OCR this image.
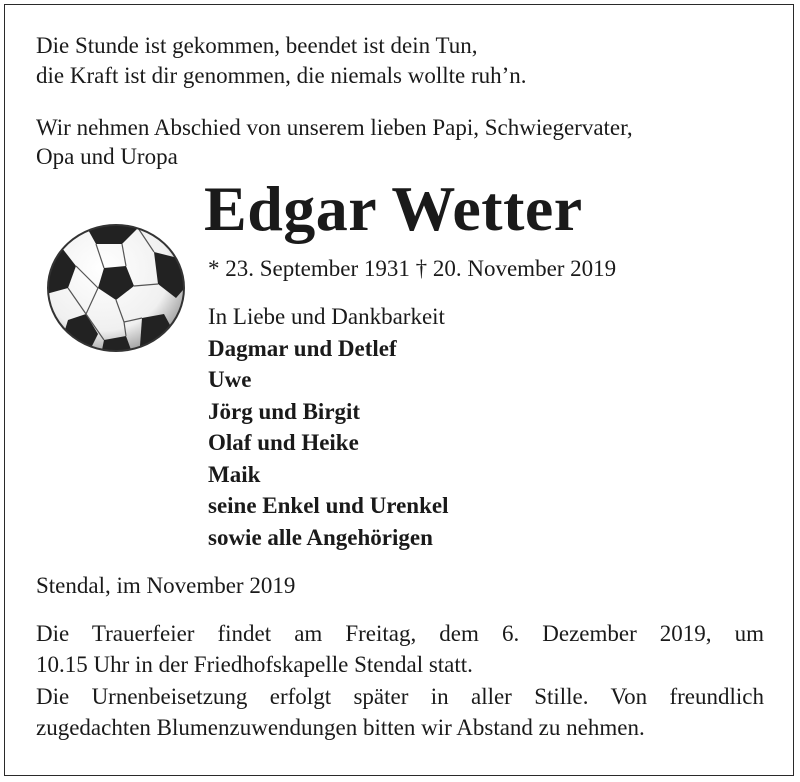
Die Stunde ist gekommen, beendet ist dein Tun,
die Kraft ist dir genommen, die niemals wollte ruh’n.
Wir nehmen Abschied von unserem lieben Papi, Schwiegervater,
Opa und Uropa
Edgar Wetter
* 23. September 1931 † 20. November 2019
In Liebe und Dankbarkeit
Dagmar und Detlef
Uwe
Jörg und Birgit
Olaf und Heike
Maik
seine Enkel und Urenkel
sowie alle Angehörigen
Stendal, im November 2019
Die Trauerfeier findet am Freitag, dem 6. Dezember 2019, um
10.15 Uhr in der Friedhofskapelle Stendal statt.
Die Urnenbeisetzung erfolgt später in aller Stille. Von freundlich
zugedachten Blumenzuwendungen bitten wir Abstand zu nehmen.
